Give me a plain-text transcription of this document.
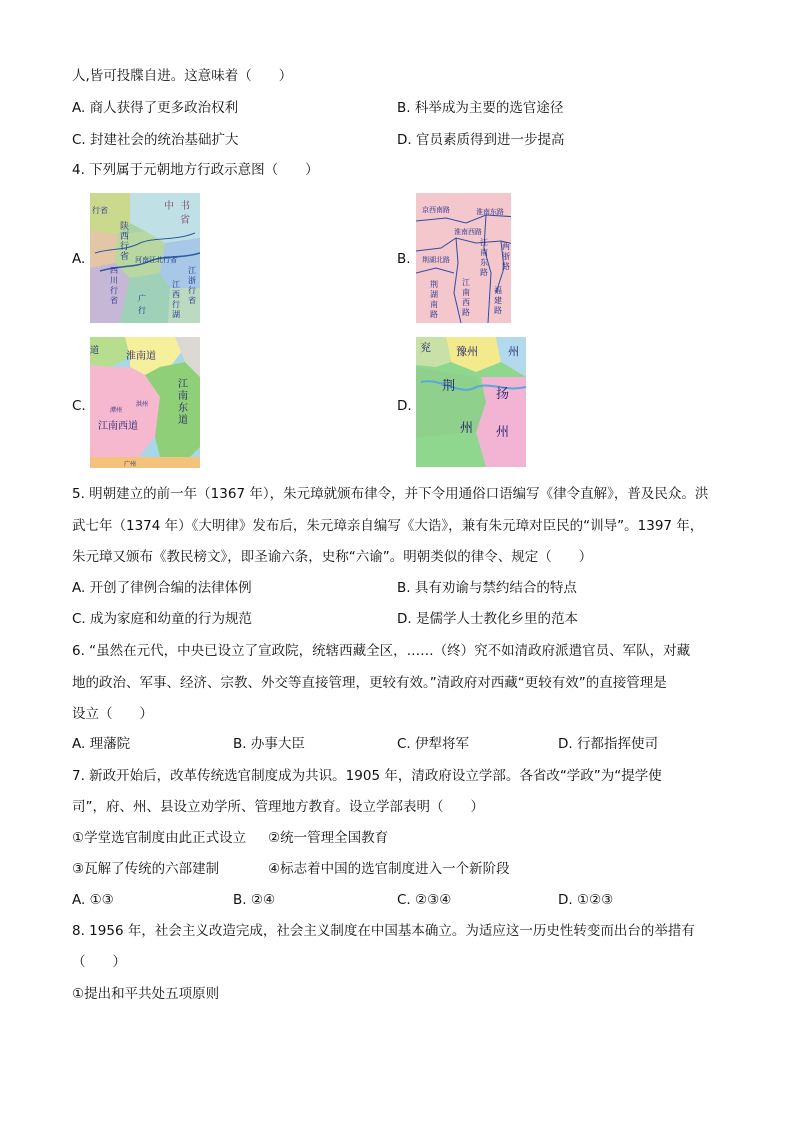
人,皆可投牒自进。这意味着（　　）
A. 商人获得了更多政治权利	B. 科举成为主要的选官途径
C. 封建社会的统治基础扩大	D. 官员素质得到进一步提高
4. 下列属于元朝地方行政示意图（　　）
A.	B.
C.	D.
中 书
省
行省
陕
西
行
省 河南江北行省
四
川
行
省
江
浙
行
省
江
西
行
湖
广
行
京西南路
淮南西路
淮南东路
荆湖北路
江
南
东
路
两
浙
路
江
南
西
路
荆
湖
南
路
福
建
路
淮南道
江
南
东
道
江南西道
洪州
潭州
广州
道	豫州
荆
州
扬
州
州
兖
5. 明朝建立的前一年（1367 年），朱元璋就颁布律令，并下令用通俗口语编写《律令直解》，普及民众。洪
武七年（1374 年）《大明律》发布后，朱元璋亲自编写《大诰》，兼有朱元璋对臣民的“训导”。1397 年，
朱元璋又颁布《教民榜文》，即圣谕六条，史称“六谕”。明朝类似的律令、规定（　　）
A. 开创了律例合编的法律体例	B. 具有劝谕与禁约结合的特点
C. 成为家庭和幼童的行为规范	D. 是儒学人士教化乡里的范本
6. “虽然在元代，中央已设立了宣政院，统辖西藏全区，……（终）究不如清政府派遣官员、军队，对藏
地的政治、军事、经济、宗教、外交等直接管理，更较有效。”清政府对西藏“更较有效”的直接管理是
设立（　　）
A. 理藩院	B. 办事大臣	C. 伊犁将军	D. 行都指挥使司
7. 新政开始后，改革传统选官制度成为共识。1905 年，清政府设立学部。各省改“学政”为“提学使
司”，府、州、县设立劝学所、管理地方教育。设立学部表明（　　）
①学堂选官制度由此正式设立 ②统一管理全国教育
③瓦解了传统的六部建制	④标志着中国的选官制度进入一个新阶段
A. ①③	B. ②④	C. ②③④	D. ①②③
8. 1956 年，社会主义改造完成，社会主义制度在中国基本确立。为适应这一历史性转变而出台的举措有
（　　）
①提出和平共处五项原则
